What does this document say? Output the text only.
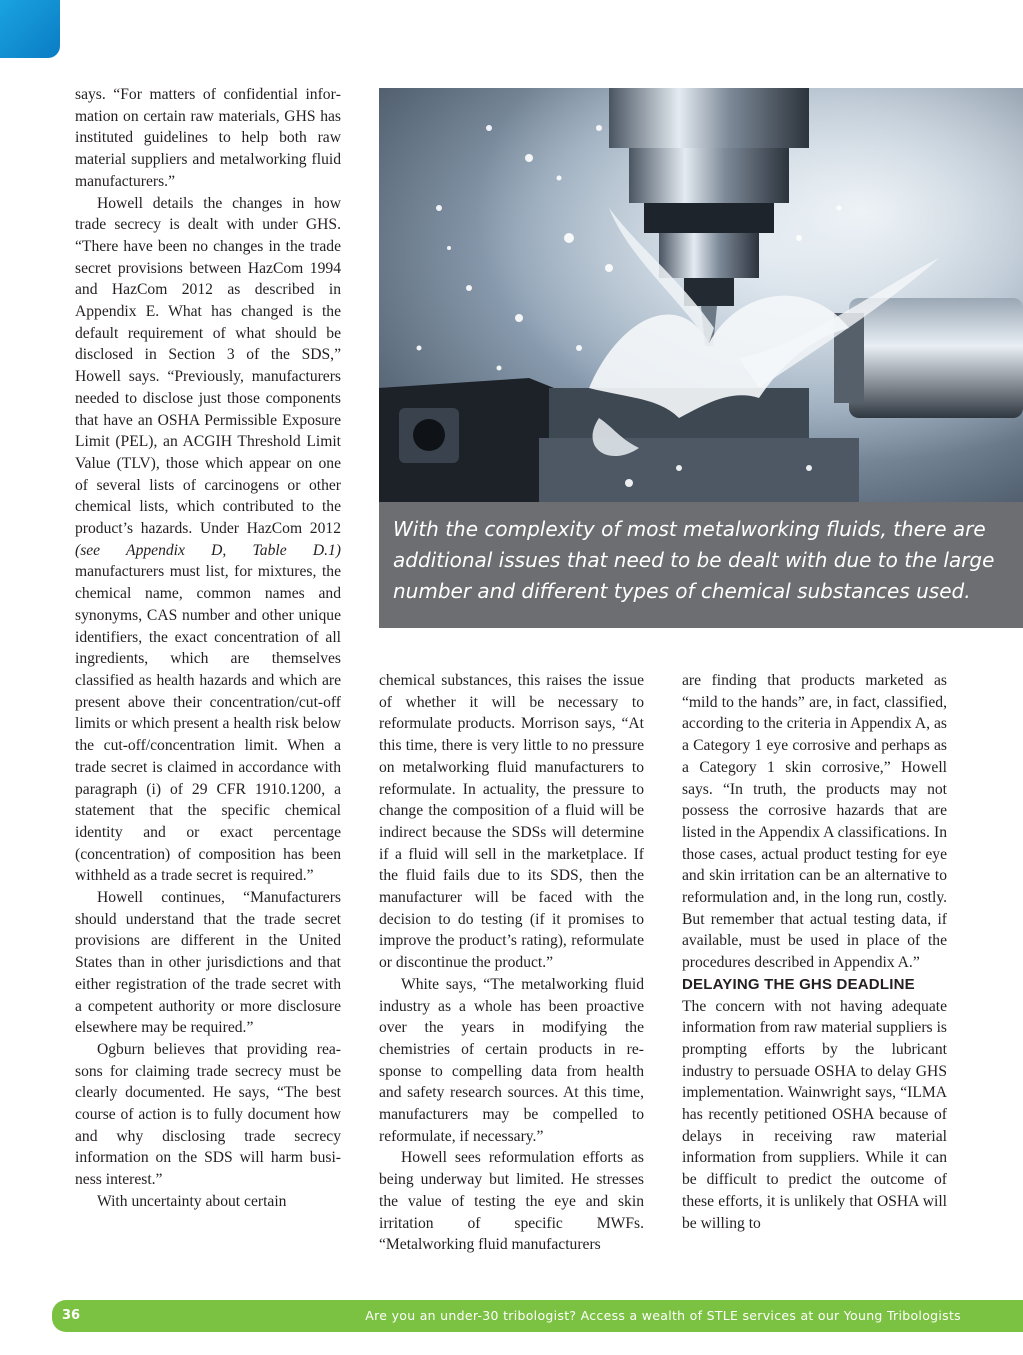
says. “For matters of confidential information on certain raw materials, GHS has instituted guidelines to help both raw material suppliers and metalworking fluid manufacturers.”

Howell details the changes in how trade secrecy is dealt with under GHS. “There have been no changes in the trade secret provisions between HazCom 1994 and HazCom 2012 as described in Appendix E. What has changed is the default requirement of what should be disclosed in Section 3 of the SDS,” Howell says. “Previously, manufacturers needed to disclose just those components that have an OSHA Permissible Exposure Limit (PEL), an ACGIH Threshold Limit Value (TLV), those which appear on one of several lists of carcinogens or other chemical lists, which contributed to the product’s hazards. Under HazCom 2012 (see Appendix D, Table D.1) manufacturers must list, for mixtures, the chemical name, common names and synonyms, CAS number and other unique identifiers, the exact concentration of all ingredients, which are themselves classified as health hazards and which are present above their concentration/cut-off limits or which present a health risk below the cut-off/concentration limit. When a trade secret is claimed in accordance with paragraph (i) of 29 CFR 1910.1200, a statement that the specific chemical identity and or exact percentage (concentration) of composition has been withheld as a trade secret is required.”

Howell continues, “Manufacturers should understand that the trade secret provisions are different in the United States than in other jurisdictions and that either registration of the trade secret with a competent authority or more disclosure elsewhere may be required.”

Ogburn believes that providing reasons for claiming trade secrecy must be clearly documented. He says, “The best course of action is to fully document how and why disclosing trade secrecy information on the SDS will harm business interest.”

With uncertainty about certain

With the complexity of most metalworking fluids, there are additional issues that need to be dealt with due to the large number and different types of chemical substances used.

chemical substances, this raises the issue of whether it will be necessary to reformulate products. Morrison says, “At this time, there is very little to no pressure on metalworking fluid manufacturers to reformulate. In actuality, the pressure to change the composition of a fluid will be indirect because the SDSs will determine if a fluid will sell in the marketplace. If the fluid fails due to its SDS, then the manufacturer will be faced with the decision to do testing (if it promises to improve the product’s rating), reformulate or discontinue the product.”

White says, “The metalworking fluid industry as a whole has been proactive over the years in modifying the chemistries of certain products in response to compelling data from health and safety research sources. At this time, manufacturers may be compelled to reformulate, if necessary.”

Howell sees reformulation efforts as being underway but limited. He stresses the value of testing the eye and skin irritation of specific MWFs. “Metalworking fluid manufacturers

are finding that products marketed as “mild to the hands” are, in fact, classified, according to the criteria in Appendix A, as a Category 1 eye corrosive and perhaps as a Category 1 skin corrosive,” Howell says. “In truth, the products may not possess the corrosive hazards that are listed in the Appendix A classifications. In those cases, actual product testing for eye and skin irritation can be an alternative to reformulation and, in the long run, costly. But remember that actual testing data, if available, must be used in place of the procedures described in Appendix A.”

DELAYING THE GHS DEADLINE

The concern with not having adequate information from raw material suppliers is prompting efforts by the lubricant industry to persuade OSHA to delay GHS implementation. Wainwright says, “ILMA has recently petitioned OSHA because of delays in receiving raw material information from suppliers. While it can be difficult to predict the outcome of these efforts, it is unlikely that OSHA will be willing to

36	Are you an under-30 tribologist? Access a wealth of STLE services at our Young Tribologists
